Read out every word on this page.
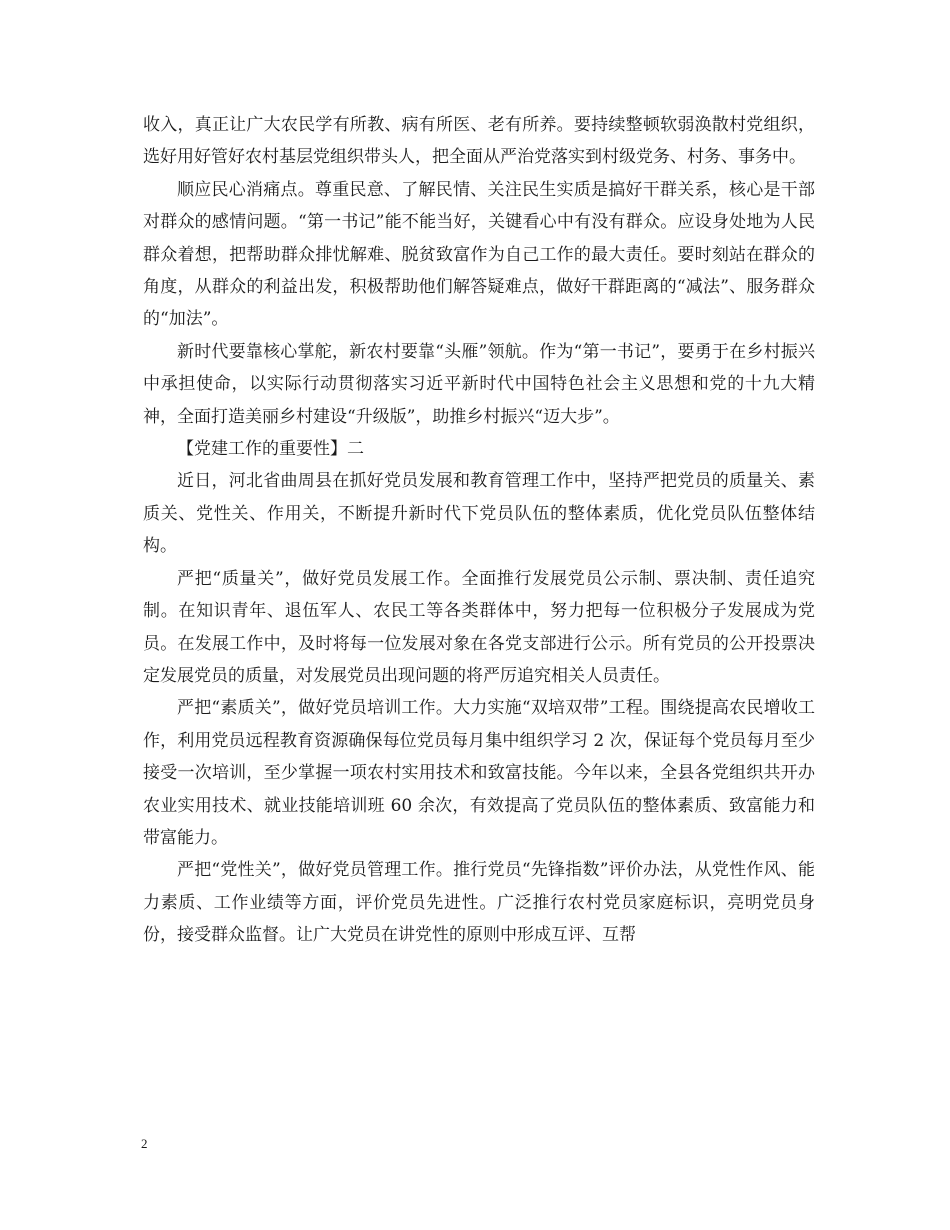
收入，真正让广大农民学有所教、病有所医、老有所养。要持续整顿软弱涣散村党组织，选好用好管好农村基层党组织带头人，把全面从严治党落实到村级党务、村务、事务中。

顺应民心消痛点。尊重民意、了解民情、关注民生实质是搞好干群关系，核心是干部对群众的感情问题。“第一书记”能不能当好，关键看心中有没有群众。应设身处地为人民群众着想，把帮助群众排忧解难、脱贫致富作为自己工作的最大责任。要时刻站在群众的角度，从群众的利益出发，积极帮助他们解答疑难点，做好干群距离的“减法”、服务群众的“加法”。

新时代要靠核心掌舵，新农村要靠“头雁”领航。作为“第一书记”，要勇于在乡村振兴中承担使命，以实际行动贯彻落实习近平新时代中国特色社会主义思想和党的十九大精神，全面打造美丽乡村建设“升级版”，助推乡村振兴“迈大步”。

【党建工作的重要性】二

近日，河北省曲周县在抓好党员发展和教育管理工作中，坚持严把党员的质量关、素质关、党性关、作用关，不断提升新时代下党员队伍的整体素质，优化党员队伍整体结构。

严把“质量关”，做好党员发展工作。全面推行发展党员公示制、票决制、责任追究制。在知识青年、退伍军人、农民工等各类群体中，努力把每一位积极分子发展成为党员。在发展工作中，及时将每一位发展对象在各党支部进行公示。所有党员的公开投票决定发展党员的质量，对发展党员出现问题的将严厉追究相关人员责任。

严把“素质关”，做好党员培训工作。大力实施“双培双带”工程。围绕提高农民增收工作，利用党员远程教育资源确保每位党员每月集中组织学习 2 次，保证每个党员每月至少接受一次培训，至少掌握一项农村实用技术和致富技能。今年以来，全县各党组织共开办农业实用技术、就业技能培训班 60 余次，有效提高了党员队伍的整体素质、致富能力和带富能力。

严把“党性关”，做好党员管理工作。推行党员“先锋指数”评价办法，从党性作风、能力素质、工作业绩等方面，评价党员先进性。广泛推行农村党员家庭标识，亮明党员身份，接受群众监督。让广大党员在讲党性的原则中形成互评、互帮

2
